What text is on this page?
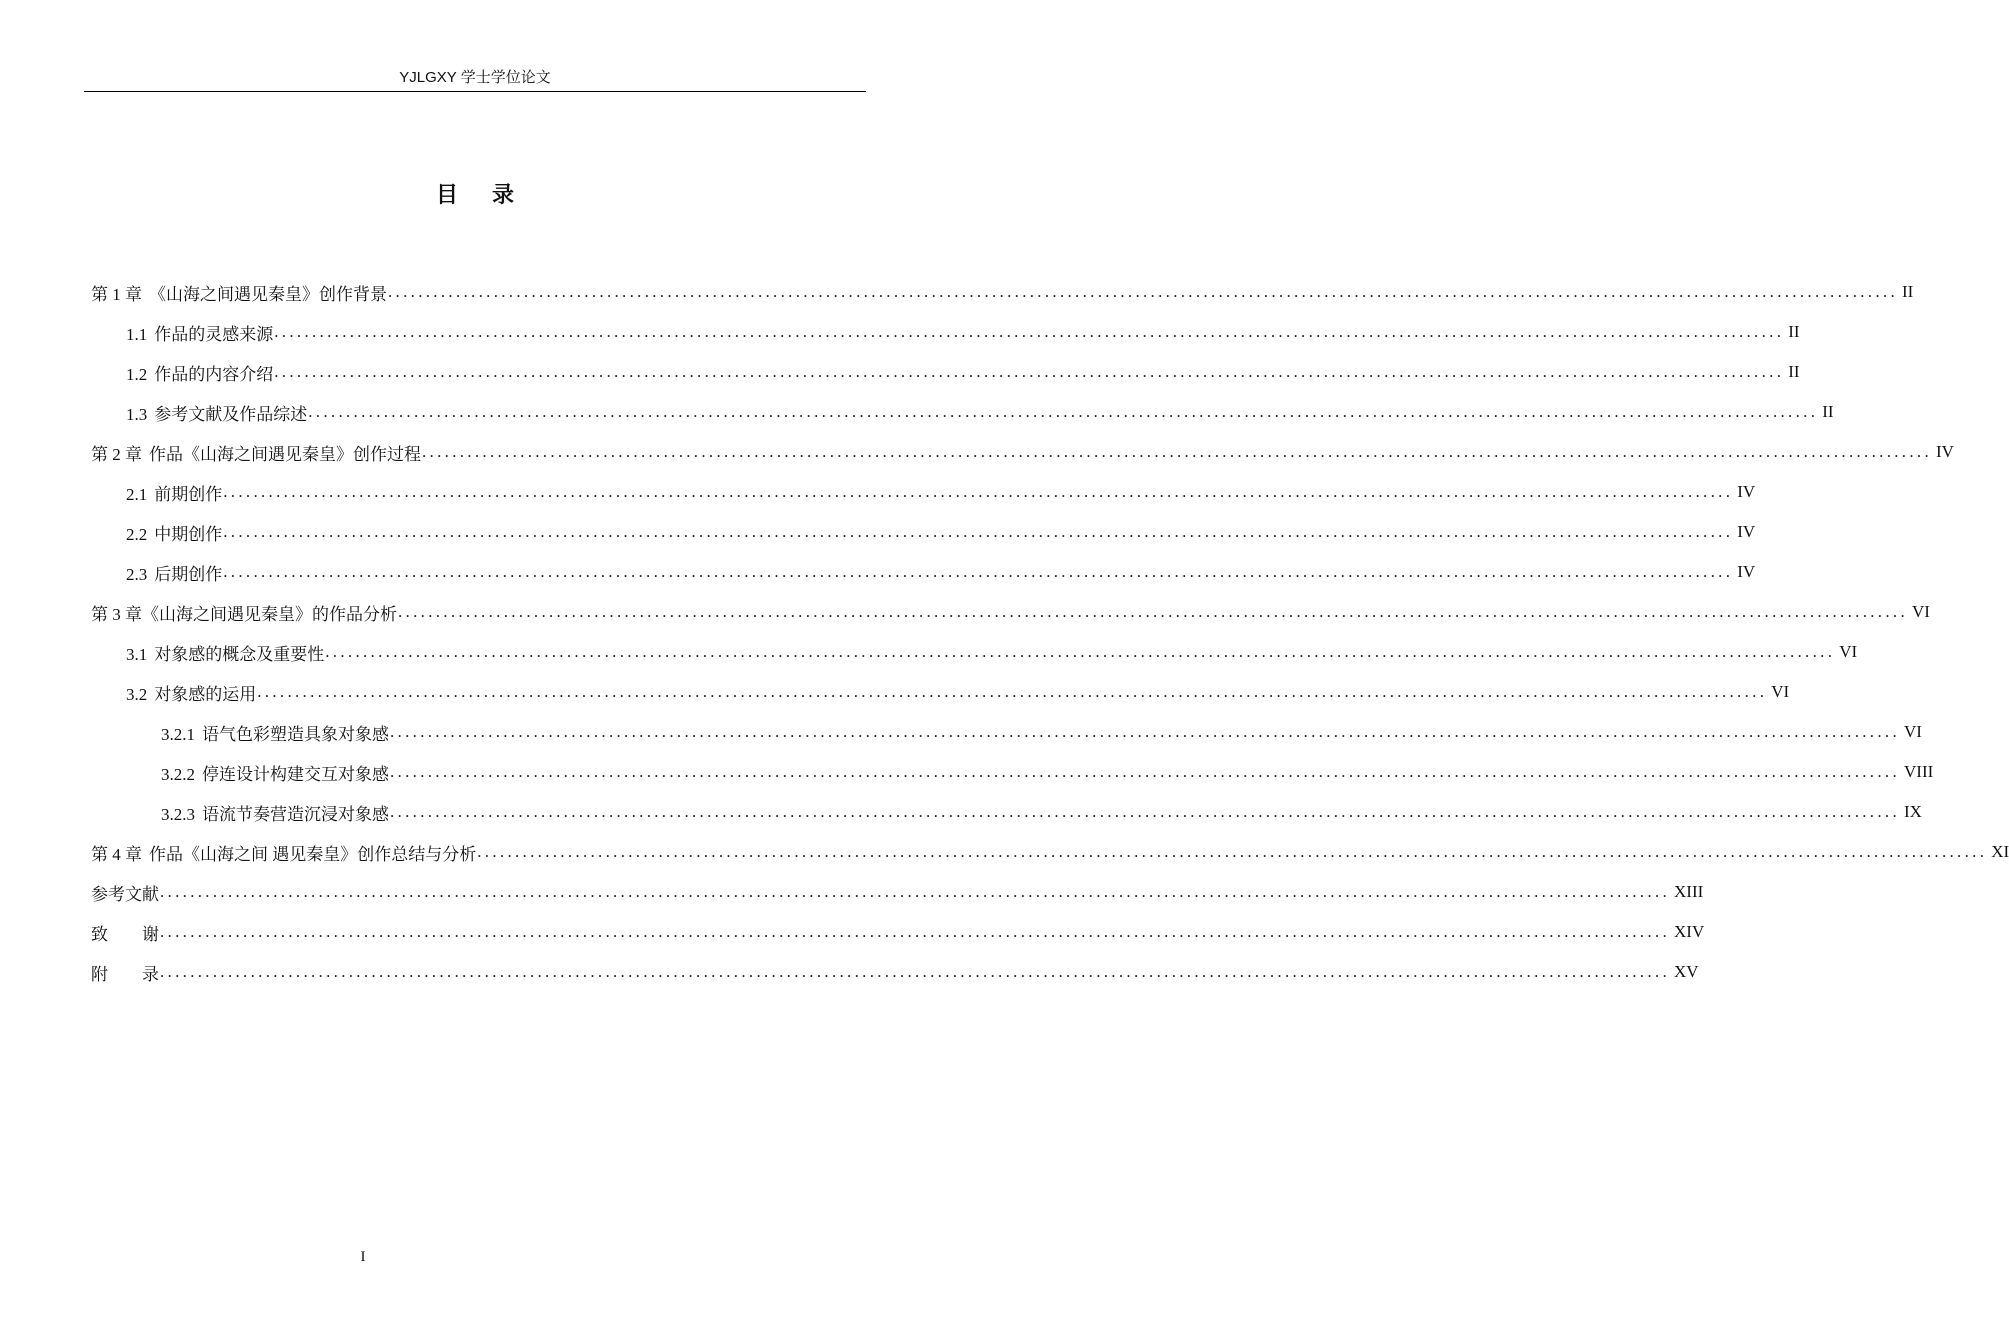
YJLGXY 学士学位论文
目录
第 1 章 《山海之间遇见秦皇》创作背景 ........................................................................................................................................................................................................ II
1.1 作品的灵感来源 ........................................................................................................................................................................................................ II
1.2 作品的内容介绍 ........................................................................................................................................................................................................ II
1.3 参考文献及作品综述 ........................................................................................................................................................................................................ II
第 2 章 作品《山海之间遇见秦皇》创作过程 ........................................................................................................................................................................................................ IV
2.1 前期创作 ........................................................................................................................................................................................................ IV
2.2 中期创作 ........................................................................................................................................................................................................ IV
2.3 后期创作 ........................................................................................................................................................................................................ IV
第 3 章《山海之间遇见秦皇》的作品分析 ........................................................................................................................................................................................................ VI
3.1 对象感的概念及重要性 ........................................................................................................................................................................................................ VI
3.2 对象感的运用 ........................................................................................................................................................................................................ VI
3.2.1 语气色彩塑造具象对象感 ........................................................................................................................................................................................................ VI
3.2.2 停连设计构建交互对象感 ........................................................................................................................................................................................................ VIII
3.2.3 语流节奏营造沉浸对象感 ........................................................................................................................................................................................................ IX
第 4 章 作品《山海之间 遇见秦皇》创作总结与分析 ........................................................................................................................................................................................................ XI
参考文献 ........................................................................................................................................................................................................ XIII
致　　谢 ........................................................................................................................................................................................................ XIV
附　　录 ........................................................................................................................................................................................................ XV
I
